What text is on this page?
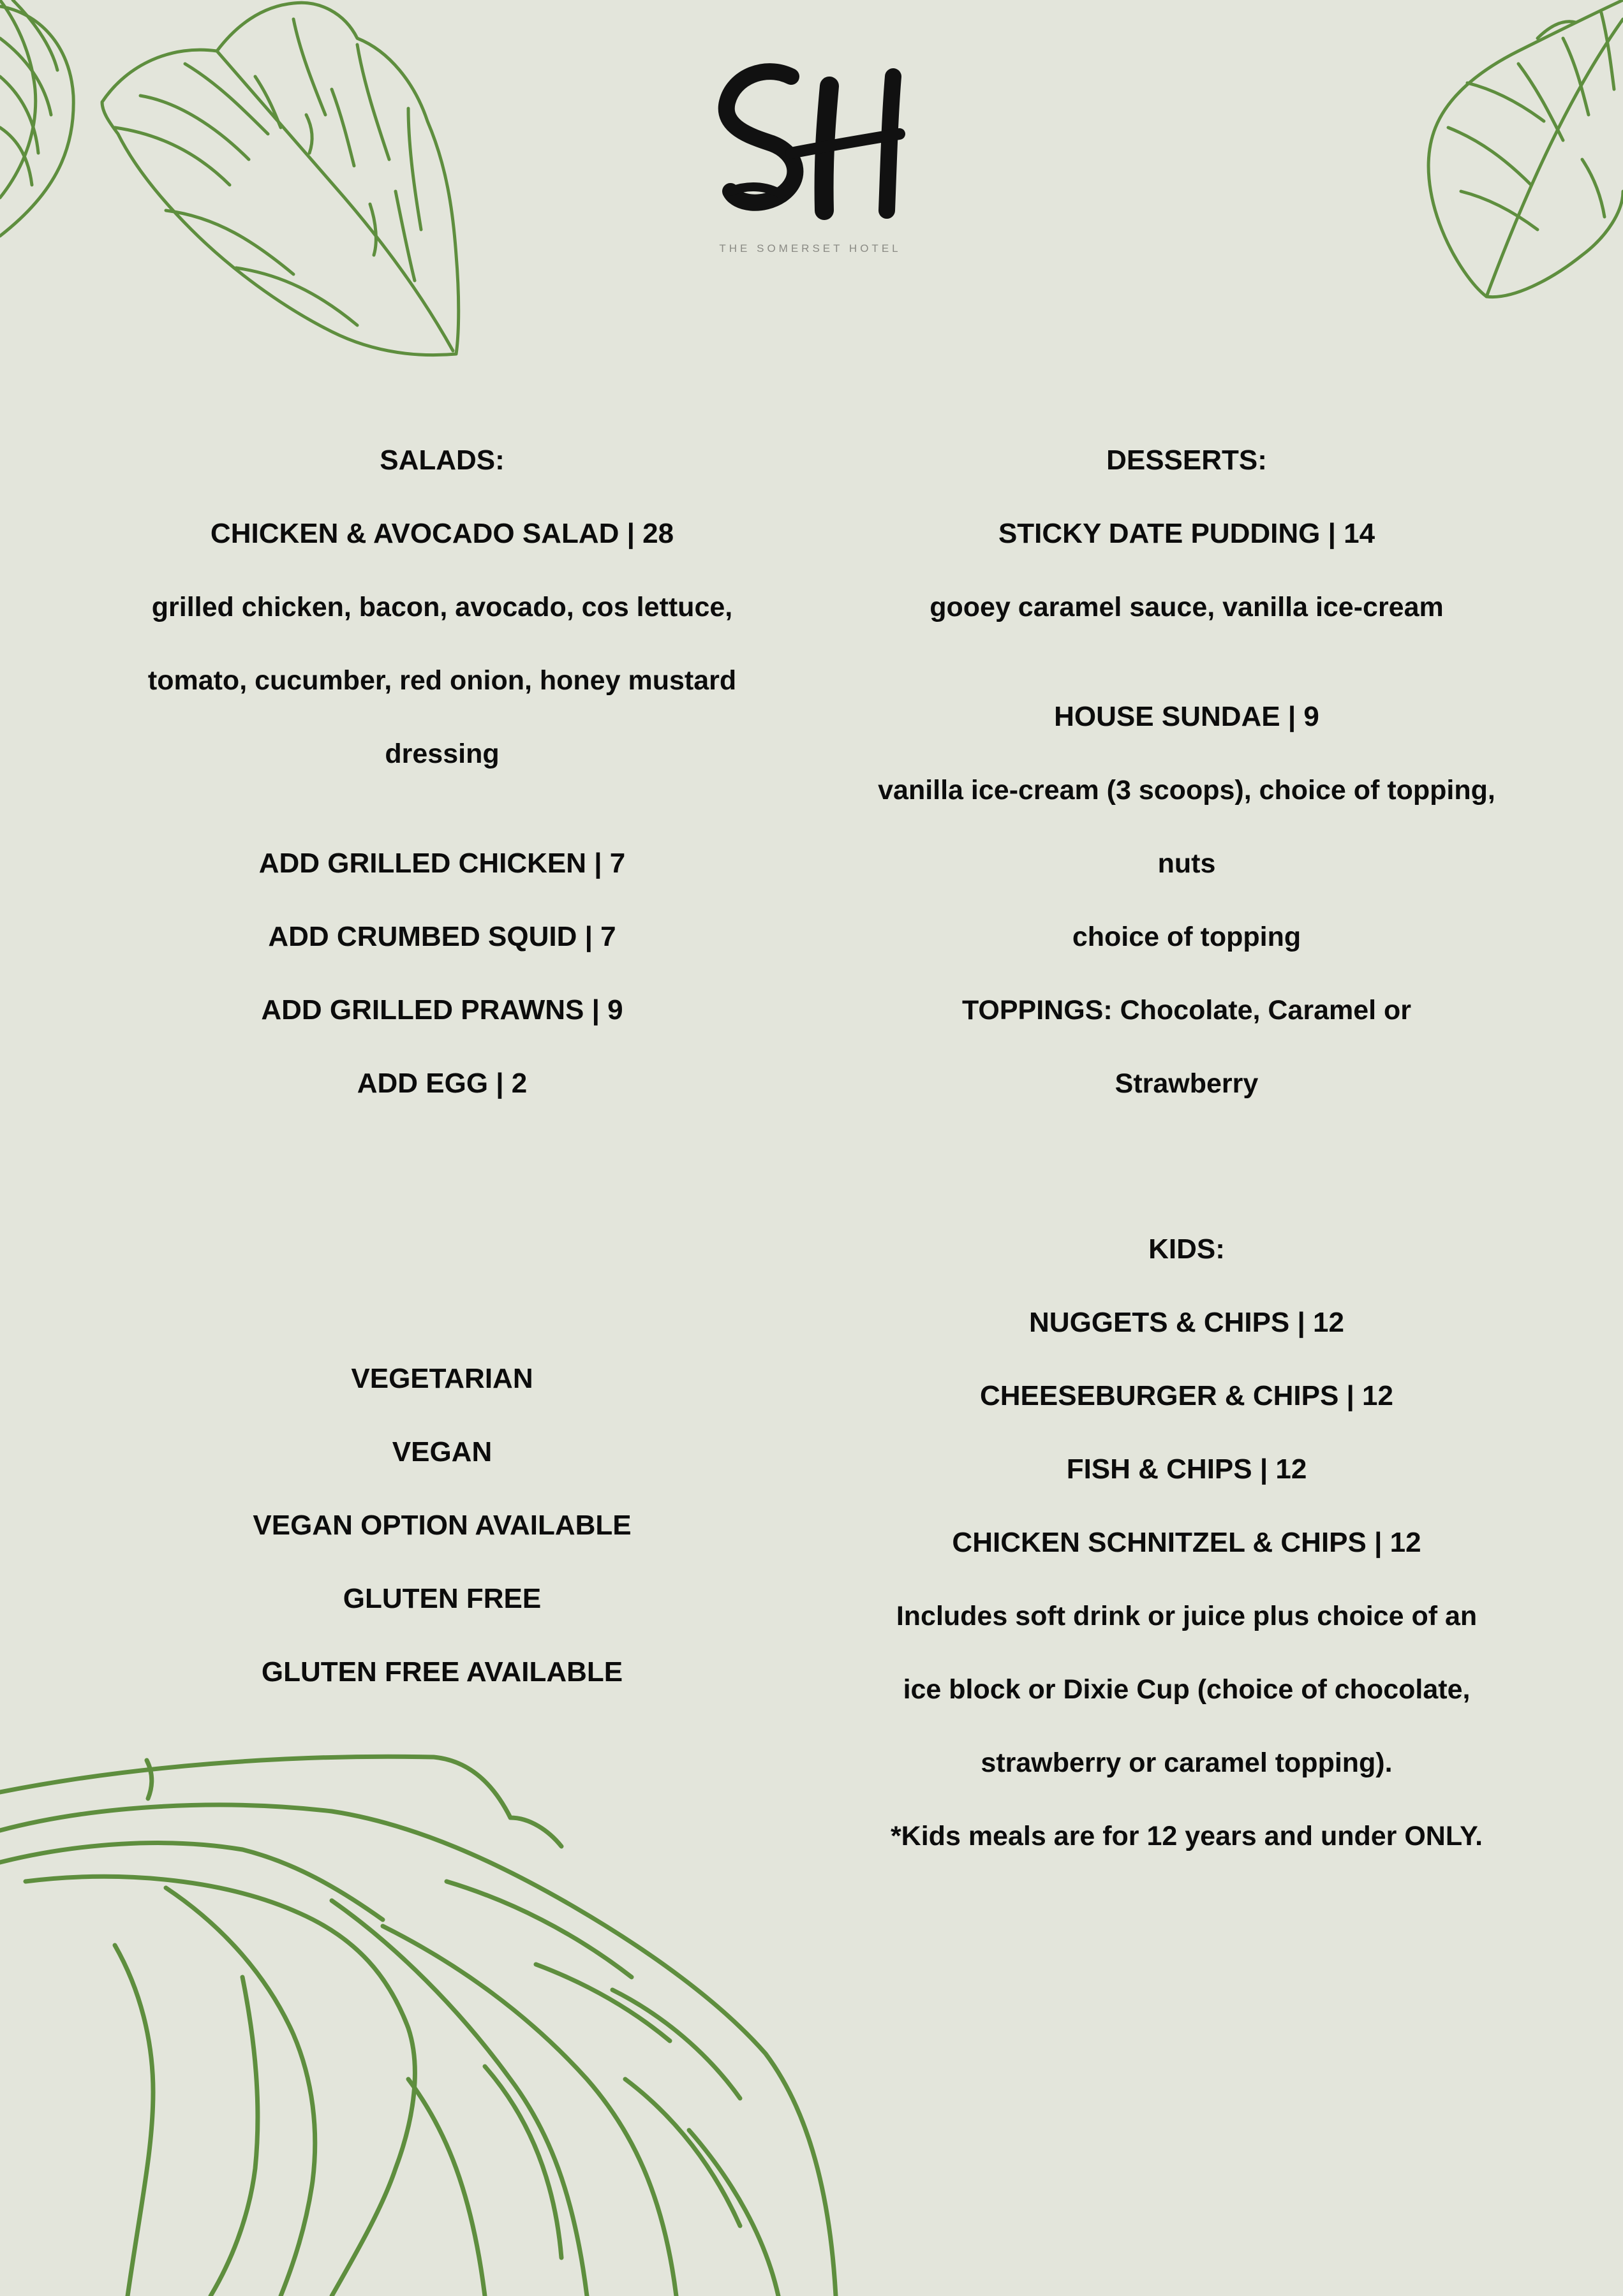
THE SOMERSET HOTEL
SALADS:
CHICKEN & AVOCADO SALAD | 28
grilled chicken, bacon, avocado, cos lettuce,
tomato, cucumber, red onion, honey mustard
dressing
ADD GRILLED CHICKEN | 7
ADD CRUMBED SQUID | 7
ADD GRILLED PRAWNS | 9
ADD EGG | 2
VEGETARIAN
VEGAN
VEGAN OPTION AVAILABLE
GLUTEN FREE
GLUTEN FREE AVAILABLE
DESSERTS:
STICKY DATE PUDDING | 14
gooey caramel sauce, vanilla ice-cream
HOUSE SUNDAE | 9
vanilla ice-cream (3 scoops), choice of topping,
nuts
choice of topping
TOPPINGS: Chocolate, Caramel or
Strawberry
KIDS:
NUGGETS & CHIPS | 12
CHEESEBURGER & CHIPS | 12
FISH & CHIPS | 12
CHICKEN SCHNITZEL & CHIPS | 12
Includes soft drink or juice plus choice of an
ice block or Dixie Cup (choice of chocolate,
strawberry or caramel topping).
*Kids meals are for 12 years and under ONLY.
